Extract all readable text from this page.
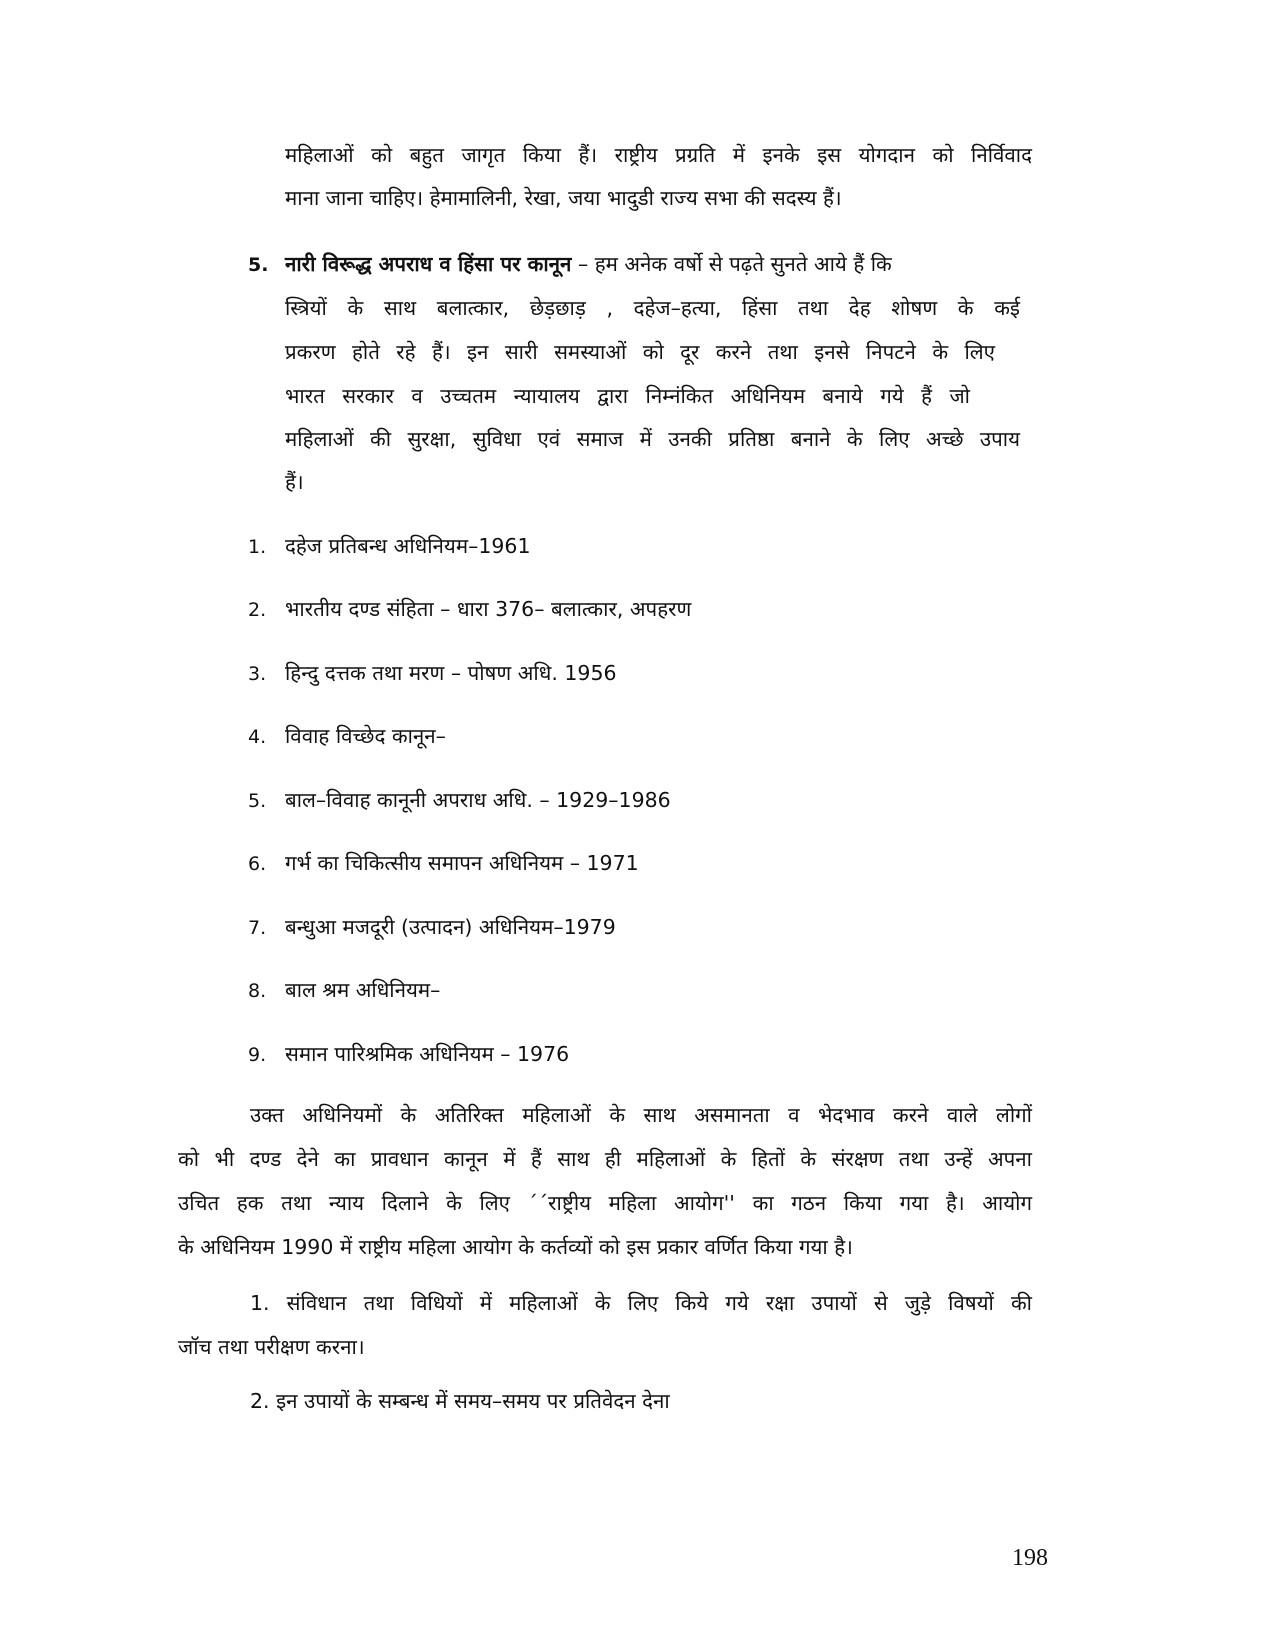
महिलाओं को बहुत जागृत किया हैं। राष्ट्रीय प्रग्रति में इनके इस योगदान को निर्विवाद
माना जाना चाहिए। हेमामालिनी, रेखा, जया भादुडी राज्य सभा की सदस्य हैं।
5. नारी विरूद्ध अपराध व हिंसा पर कानून – हम अनेक वर्षो से पढ़ते सुनते आये हैं कि
स्त्रियों के साथ बलात्कार, छेड़छाड़ , दहेज–हत्या, हिंसा तथा देह शोषण के कई
प्रकरण होते रहे हैं। इन सारी समस्याओं को दूर करने तथा इनसे निपटने के लिए
भारत सरकार व उच्चतम न्यायालय द्वारा निम्नंकित अधिनियम बनाये गये हैं जो
महिलाओं की सुरक्षा, सुविधा एवं समाज में उनकी प्रतिष्ठा बनाने के लिए अच्छे उपाय
हैं।
1. दहेज प्रतिबन्ध अधिनियम–1961
2. भारतीय दण्ड संहिता – धारा 376– बलात्कार, अपहरण
3. हिन्दु दत्तक तथा मरण – पोषण अधि. 1956
4. विवाह विच्छेद कानून–
5. बाल–विवाह कानूनी अपराध अधि. – 1929–1986
6. गर्भ का चिकित्सीय समापन अधिनियम – 1971
7. बन्धुआ मजदूरी (उत्पादन) अधिनियम–1979
8. बाल श्रम अधिनियम–
9. समान पारिश्रमिक अधिनियम – 1976
उक्त अधिनियमों के अतिरिक्त महिलाओं के साथ असमानता व भेदभाव करने वाले लोगों
को भी दण्ड देने का प्रावधान कानून में हैं साथ ही महिलाओं के हितों के संरक्षण तथा उन्हें अपना
उचित हक तथा न्याय दिलाने के लिए ´´राष्ट्रीय महिला आयोग'' का गठन किया गया है। आयोग
के अधिनियम 1990 में राष्ट्रीय महिला आयोग के कर्तव्यों को इस प्रकार वर्णित किया गया है।
1. संविधान तथा विधियों में महिलाओं के लिए किये गये रक्षा उपायों से जुड़े विषयों की
जॉच तथा परीक्षण करना।
2. इन उपायों के सम्बन्ध में समय–समय पर प्रतिवेदन देना
198
